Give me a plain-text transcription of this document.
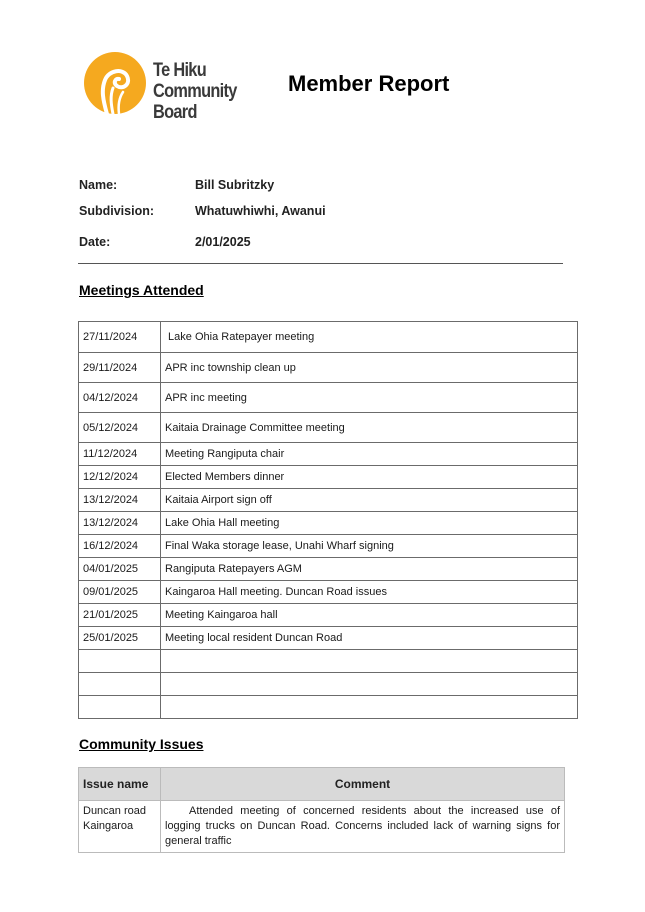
Te Hiku
Community Board
Member Report
Name:	Bill Subritzky
Subdivision:	Whatuwhiwhi, Awanui
Date:	2/01/2025
Meetings Attended
27/11/2024	Lake Ohia Ratepayer meeting
29/11/2024	APR inc township clean up
04/12/2024	APR inc meeting
05/12/2024	Kaitaia Drainage Committee meeting
11/12/2024	Meeting Rangiputa chair
12/12/2024	Elected Members dinner
13/12/2024	Kaitaia Airport sign off
13/12/2024	Lake Ohia Hall meeting
16/12/2024	Final Waka storage lease, Unahi Wharf signing
04/01/2025	Rangiputa Ratepayers AGM
09/01/2025	Kaingaroa Hall meeting. Duncan Road issues
21/01/2025	Meeting Kaingaroa hall
25/01/2025	Meeting local resident Duncan Road

Community Issues
Issue name	Comment
Duncan road Kaingaroa	Attended meeting of concerned residents about the increased use of logging trucks on Duncan Road. Concerns included lack of warning signs for general traffic
